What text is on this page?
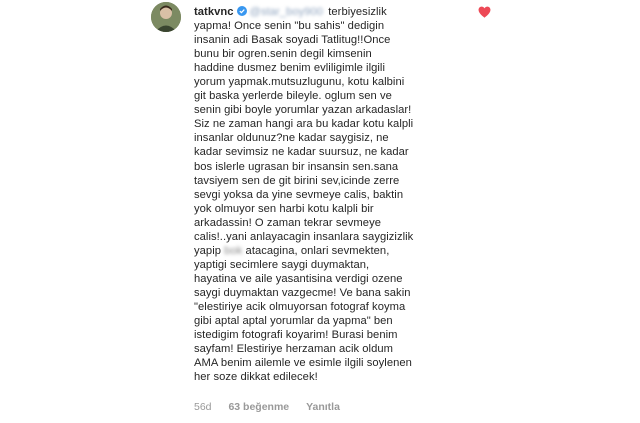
tatkvnc @star_boy900 terbiyesizlik
yapma! Once senin "bu sahis" dedigin
insanin adi Basak soyadi Tatlitug!!Once
bunu bir ogren.senin degil kimsenin
haddine dusmez benim evliligimle ilgili
yorum yapmak.mutsuzlugunu, kotu kalbini
git baska yerlerde bileyle. oglum sen ve
senin gibi boyle yorumlar yazan arkadaslar!
Siz ne zaman hangi ara bu kadar kotu kalpli
insanlar oldunuz?ne kadar saygisiz, ne
kadar sevimsiz ne kadar suursuz, ne kadar
bos islerle ugrasan bir insansin sen.sana
tavsiyem sen de git birini sev,icinde zerre
sevgi yoksa da yine sevmeye calis, baktin
yok olmuyor sen harbi kotu kalpli bir
arkadassin! O zaman tekrar sevmeye
calis!..yani anlayacagin insanlara saygizizlik
yapip bok atacagina, onlari sevmekten,
yaptigi secimlere saygi duymaktan,
hayatina ve aile yasantisina verdigi ozene
saygi duymaktan vazgecme! Ve bana sakin
"elestiriye acik olmuyorsan fotograf koyma
gibi aptal aptal yorumlar da yapma" ben
istedigim fotografi koyarim! Burasi benim
sayfam! Elestiriye herzaman acik oldum
AMA benim ailemle ve esimle ilgili soylenen
her soze dikkat edilecek!

56d 63 beğenme Yanıtla
